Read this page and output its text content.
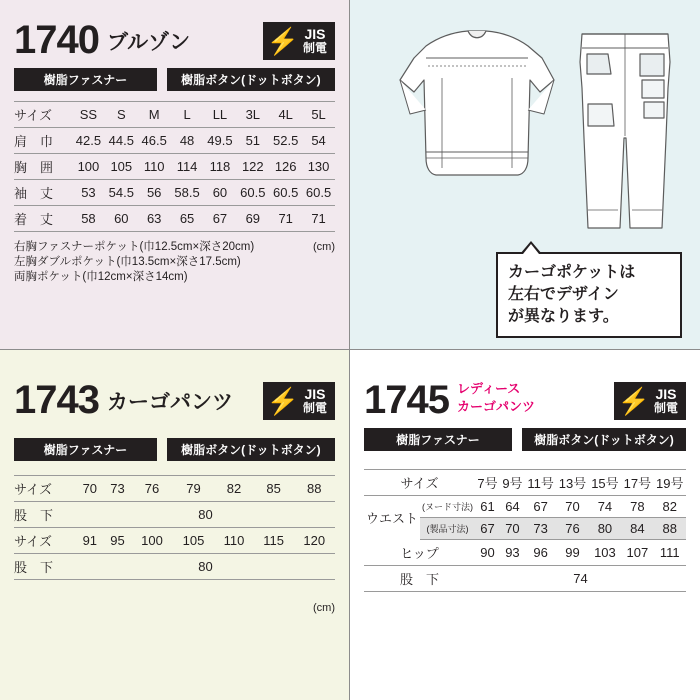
1740 ブルゾン	⚡ JIS
制電
樹脂ファスナー	樹脂ボタン(ドットボタン)
サイズ	SS	S	M	L	LL	3L	4L	5L
肩　巾	42.5	44.5	46.5	48	49.5	51	52.5	54
胸　囲	100	105	110	114	118	122	126	130
袖　丈	53	54.5	56	58.5	60	60.5	60.5	60.5
着　丈	58	60	63	65	67	69	71	71
右胸ファスナーポケット(巾12.5cm×深さ20cm)	(cm)
左胸ダブルポケット(巾13.5cm×深さ17.5cm)
両胸ポケット(巾12cm×深さ14cm)	カーゴポケットは
左右でデザイン
が異なります。
1743 カーゴパンツ ⚡ JIS
制電
樹脂ファスナー	樹脂ボタン(ドットボタン)
サイズ	70	73	76	79	82	85	88
股　下	80						
サイズ	91	95	100	105	110	115	120
股　下	80						
(cm)
1745 レディース
カーゴパンツ	⚡ JIS
制電
樹脂ファスナー	樹脂ボタン(ドットボタン)
サイズ		7号	9号	11号	13号	15号	17号	19号
ウエスト	(ヌード寸法)	61	64	67	70	74	78	82
	(製品寸法)	67	70	73	76	80	84	88
ヒップ		90	93	96	99	103	107	111
股　下		74						
